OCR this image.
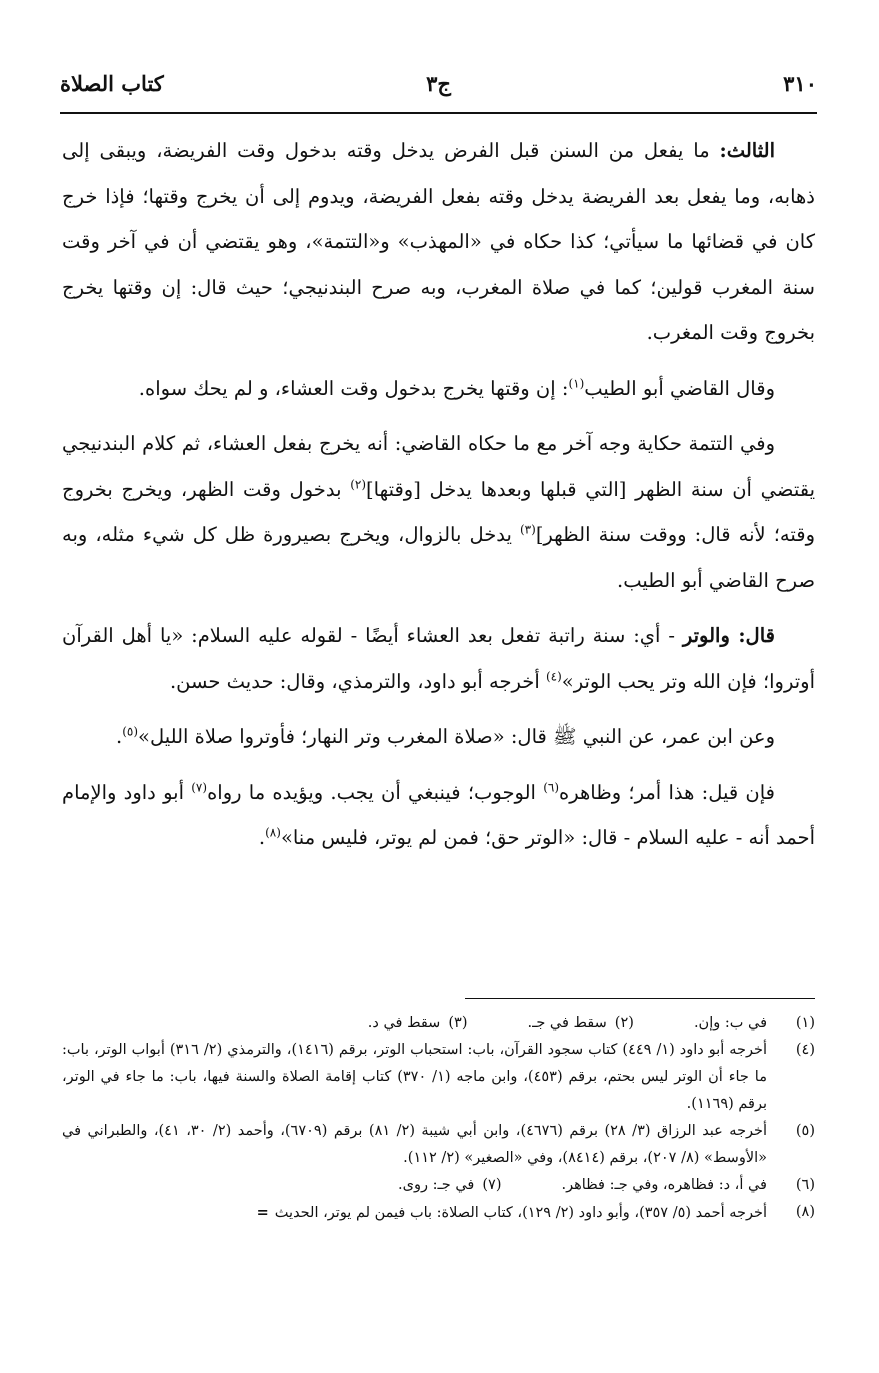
٣١٠
ج٣
كتاب الصلاة

الثالث: ما يفعل من السنن قبل الفرض يدخل وقته بدخول وقت الفريضة، ويبقى إلى ذهابه، وما يفعل بعد الفريضة يدخل وقته بفعل الفريضة، ويدوم إلى أن يخرج وقتها؛ فإذا خرج كان في قضائها ما سيأتي؛ كذا حكاه في «المهذب» و«التتمة»، وهو يقتضي أن في آخر وقت سنة المغرب قولين؛ كما في صلاة المغرب، وبه صرح البندنيجي؛ حيث قال: إن وقتها يخرج بخروج وقت المغرب.

وقال القاضي أبو الطيب$^{(١)}$: إن وقتها يخرج بدخول وقت العشاء، و لم يحك سواه.

وفي التتمة حكاية وجه آخر مع ما حكاه القاضي: أنه يخرج بفعل العشاء، ثم كلام البندنيجي يقتضي أن سنة الظهر [التي قبلها وبعدها يدخل [وقتها]$^{(٢)}$ بدخول وقت الظهر، ويخرج بخروج وقته؛ لأنه قال: ووقت سنة الظهر]$^{(٣)}$ يدخل بالزوال، ويخرج بصيرورة ظل كل شيء مثله، وبه صرح القاضي أبو الطيب.

قال: والوتر - أي: سنة راتبة تفعل بعد العشاء أيضًا - لقوله عليه السلام: «يا أهل القرآن أوتروا؛ فإن الله وتر يحب الوتر»$^{(٤)}$ أخرجه أبو داود، والترمذي، وقال: حديث حسن.

وعن ابن عمر، عن النبي ﷺ قال: «صلاة المغرب وتر النهار؛ فأوتروا صلاة الليل»$^{(٥)}$.

فإن قيل: هذا أمر؛ وظاهره$^{(٦)}$ الوجوب؛ فينبغي أن يجب. ويؤيده ما رواه$^{(٧)}$ أبو داود والإمام أحمد أنه - عليه السلام - قال: «الوتر حق؛ فمن لم يوتر، فليس منا»$^{(٨)}$.

(١)
في ب: وإن.(٢)سقط في جـ.(٣)سقط في د.
(٤)
أخرجه أبو داود (١/ ٤٤٩) كتاب سجود القرآن، باب: استحباب الوتر، برقم (١٤١٦)، والترمذي (٢/ ٣١٦) أبواب الوتر، باب: ما جاء أن الوتر ليس بحتم، برقم (٤٥٣)، وابن ماجه (١/ ٣٧٠) كتاب إقامة الصلاة والسنة فيها، باب: ما جاء في الوتر، برقم (١١٦٩).
(٥)
أخرجه عبد الرزاق (٣/ ٢٨) برقم (٤٦٧٦)، وابن أبي شيبة (٢/ ٨١) برقم (٦٧٠٩)، وأحمد (٢/ ٣٠، ٤١)، والطبراني في «الأوسط» (٨/ ٢٠٧)، برقم (٨٤١٤)، وفي «الصغير» (٢/ ١١٢).
(٦)
في أ، د: فظاهره، وفي جـ: فظاهر.(٧)في جـ: روى.
(٨)
أخرجه أحمد (٥/ ٣٥٧)، وأبو داود (٢/ ١٢٩)، كتاب الصلاة: باب فيمن لم يوتر، الحديث=
